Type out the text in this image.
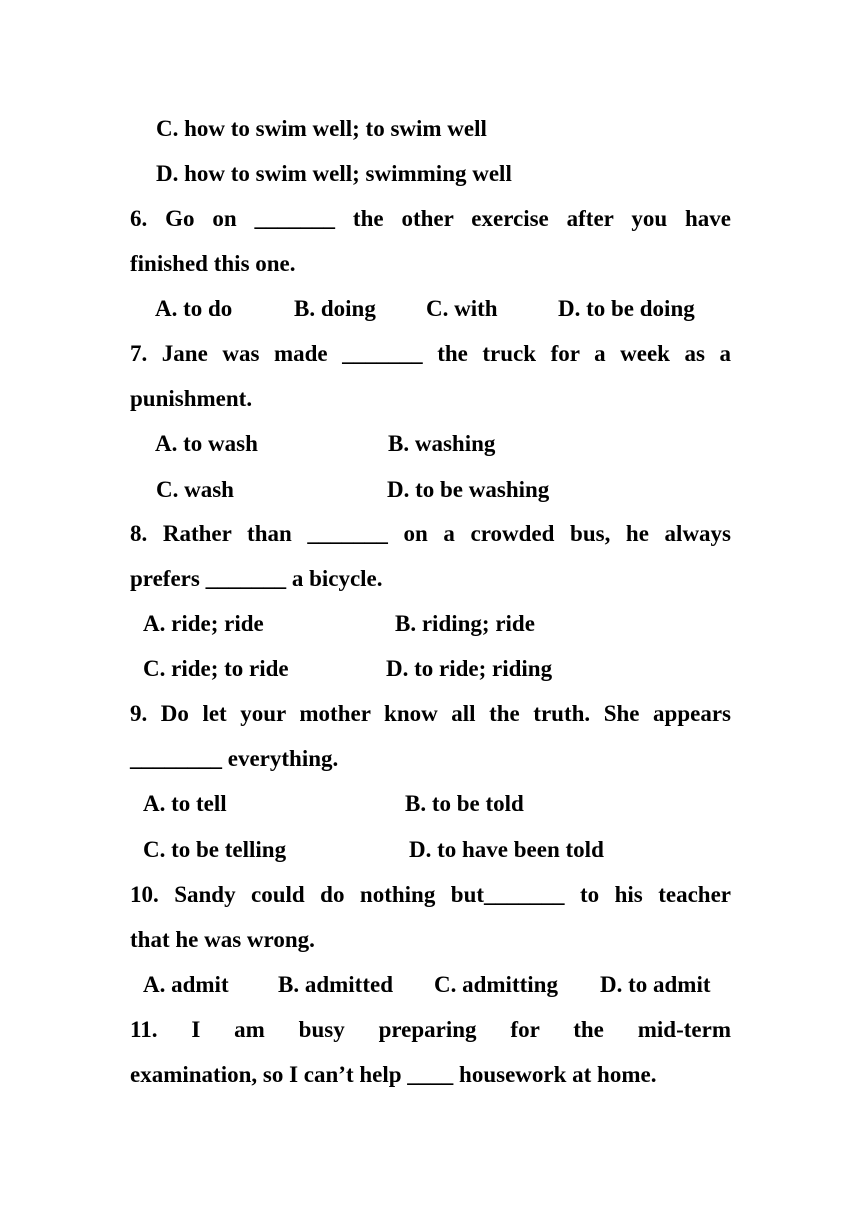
C. how to swim well; to swim well
D. how to swim well; swimming well
6. Go on _______ the other exercise after you have
finished this one.
A. to do	B. doing C. with	D. to be doing
7. Jane was made _______ the truck for a week as a
punishment.
A. to wash	B. washing
C. wash	D. to be washing
8. Rather than _______ on a crowded bus, he always
prefers _______ a bicycle.
A. ride; ride	B. riding; ride
C. ride; to ride	D. to ride; riding
9. Do let your mother know all the truth. She appears
________ everything.
A. to tell	B. to be told
C. to be telling	D. to have been told
10. Sandy could do nothing but_______ to his teacher
that he was wrong.
A. admit B. admitted C. admitting D. to admit
11. I am busy preparing for the mid-term
examination, so I can’t help ____ housework at home.
